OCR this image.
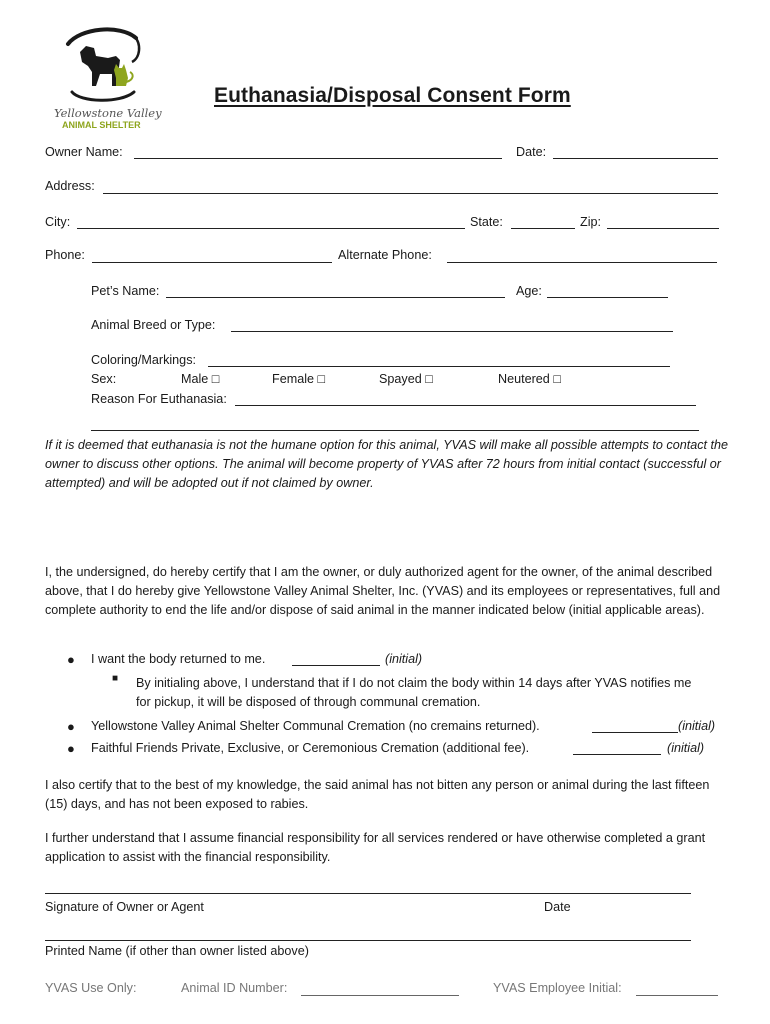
Yellowstone Valley
ANIMAL SHELTER
Euthanasia/Disposal Consent Form
Owner Name:	Date:
Address:
City:	State:	Zip:
Phone:	Alternate Phone:
Pet’s Name:	Age:
Animal Breed or Type:
Coloring/Markings:
Sex:	Male □	Female □	Spayed □	Neutered □
Reason For Euthanasia:
If it is deemed that euthanasia is not the humane option for this animal, YVAS will make all possible attempts to contact the owner to discuss other options. The animal will become property of YVAS after 72 hours from initial contact (successful or attempted) and will be adopted out if not claimed by owner.
I, the undersigned, do hereby certify that I am the owner, or duly authorized agent for the owner, of the animal described above, that I do hereby give Yellowstone Valley Animal Shelter, Inc. (YVAS) and its employees or representatives, full and complete authority to end the life and/or dispose of said animal in the manner indicated below (initial applicable areas).
● I want the body returned to me.	(initial)
■ By initialing above, I understand that if I do not claim the body within 14 days after YVAS notifies me for pickup, it will be disposed of through communal cremation.
● Yellowstone Valley Animal Shelter Communal Cremation (no cremains returned).	(initial)
● Faithful Friends Private, Exclusive, or Ceremonious Cremation (additional fee).	(initial)
I also certify that to the best of my knowledge, the said animal has not bitten any person or animal during the last fifteen (15) days, and has not been exposed to rabies.
I further understand that I assume financial responsibility for all services rendered or have otherwise completed a grant application to assist with the financial responsibility.
Signature of Owner or Agent	Date
Printed Name (if other than owner listed above)
YVAS Use Only:	Animal ID Number:	YVAS Employee Initial:
